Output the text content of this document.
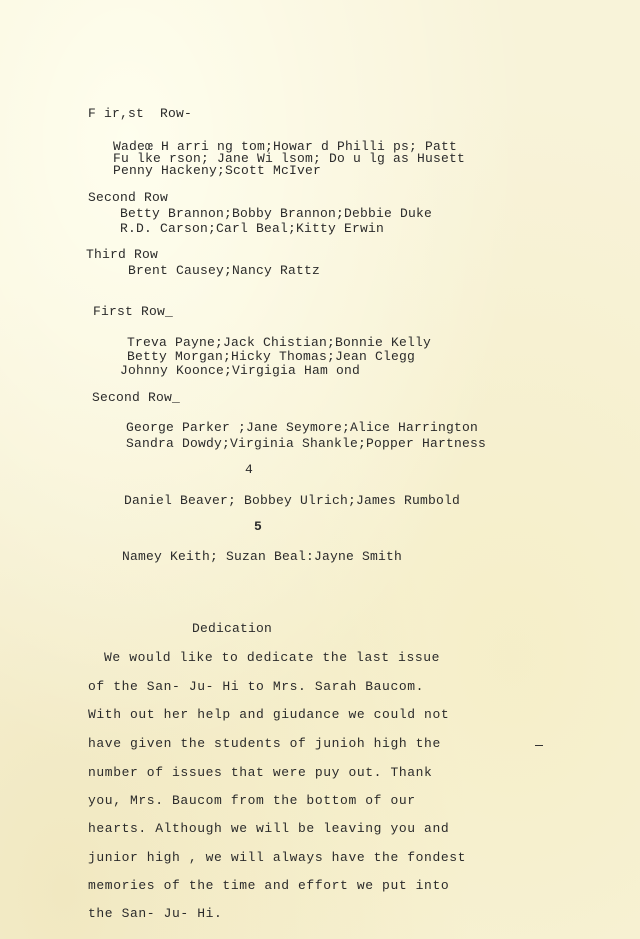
F ir,st  Row-
Wadeœ H arri ng tom;Howar d Philli ps; Patt
Fu lke rson; Jane Wi lsom; Do u lg as Husett
Penny Hackeny;Scott McIver
Second Row
Betty Brannon;Bobby Brannon;Debbie Duke
R.D. Carson;Carl Beal;Kitty Erwin
Third Row
Brent Causey;Nancy Rattz
First Row_
Treva Payne;Jack Chistian;Bonnie Kelly
Betty Morgan;Hicky Thomas;Jean Clegg
Johnny Koonce;Virgigia Ham ond
Second Row_
George Parker ;Jane Seymore;Alice Harrington
Sandra Dowdy;Virginia Shankle;Popper Hartness
4
Daniel Beaver; Bobbey Ulrich;James Rumbold
5
Namey Keith; Suzan Beal:Jayne Smith
Dedication
We would like to dedicate the last issue
of the San- Ju- Hi to Mrs. Sarah Baucom.
With out her help and giudance we could not
have given the students of junioh high the
number of issues that were puy out. Thank
you, Mrs. Baucom from the bottom of our
hearts. Although we will be leaving you and
junior high , we will always have the fondest
memories of the time and effort we put into
the San- Ju- Hi.
